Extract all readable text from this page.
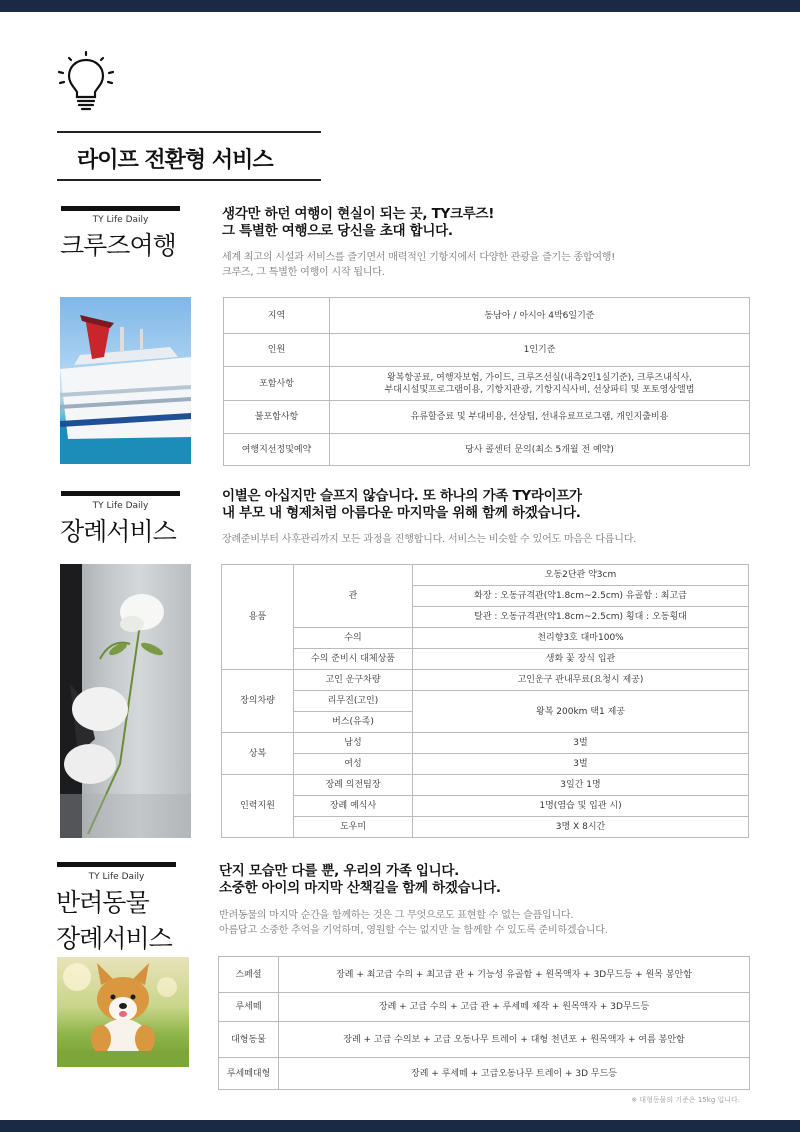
라이프 전환형 서비스
TY Life Daily
크루즈여행
생각만 하던 여행이 현실이 되는 곳, TY크루즈!
그 특별한 여행으로 당신을 초대 합니다.
세계 최고의 시설과 서비스를 즐기면서 매력적인 기항지에서 다양한 관광을 즐기는 종합여행!
크루즈, 그 특별한 여행이 시작 됩니다.
지역	동남아 / 아시아 4박6일기준
인원	1인기준
포함사항	왕복항공료, 여행자보험, 가이드, 크루즈선실(내측2인1실기준), 크루즈내식사,
부대시설및프로그램이용, 기항지관광, 기항지식사비, 선상파티 및 포토영상앨범

불포함사항	유류할증료 및 부대비용, 선상팁, 선내유료프로그램, 개인지출비용
여행지선정및예약	당사 콜센터 문의(최소 5개월 전 예약)
TY Life Daily
장례서비스
이별은 아십지만 슬프지 않습니다. 또 하나의 가족 TY라이프가
내 부모 내 형제처럼 아름다운 마지막을 위해 함께 하겠습니다.
장례준비부터 사후관리까지 모든 과정을 진행합니다. 서비스는 비슷할 수 있어도 마음은 다릅니다.
용품	관	오동2단관 약3cm
		화장 : 오동규격관(약1.8cm~2.5cm) 유골함 : 최고급
		탈관 : 오동규격관(약1.8cm~2.5cm) 횡대 : 오동횡대
	수의	천리향3호 대마100%
	수의 준비시 대체상품	생화 꽃 장식 입관
장의차량	고인 운구차량	고인운구 관내무료(요청시 제공)
	리무진(고인)	왕복 200km 택1 제공
	버스(유족)	
상복	남성	3벌
	여성	3벌
인력지원	장례 의전팀장	3일간 1명
	장례 예식사	1명(염습 및 입관 시)
	도우미	3명 X 8시간
TY Life Daily
반려동물
장례서비스
단지 모습만 다를 뿐, 우리의 가족 입니다.
소중한 아이의 마지막 산책길을 함께 하겠습니다.
반려동물의 마지막 순간을 함께하는 것은 그 무엇으로도 표현할 수 없는 슬픔입니다.
아름답고 소중한 추억을 기억하며, 영원할 수는 없지만 늘 함께할 수 있도록 준비하겠습니다.
스페셜	장례 + 최고급 수의 + 최고급 관 + 기능성 유골함 + 원목액자 + 3D무드등 + 원목 봉안함
루세떼	장례 + 고급 수의 + 고급 관 + 루세떼 제작 + 원목액자 + 3D무드등
대형동물	장례 + 고급 수의보 + 고급 오동나무 트레이 + 대형 천년포 + 원목액자 + 여름 봉안함
루세떼대형	장례 + 루세떼 + 고급오동나무 트레이 + 3D 무드등
※ 대형동물의 기준은 15kg 입니다.
